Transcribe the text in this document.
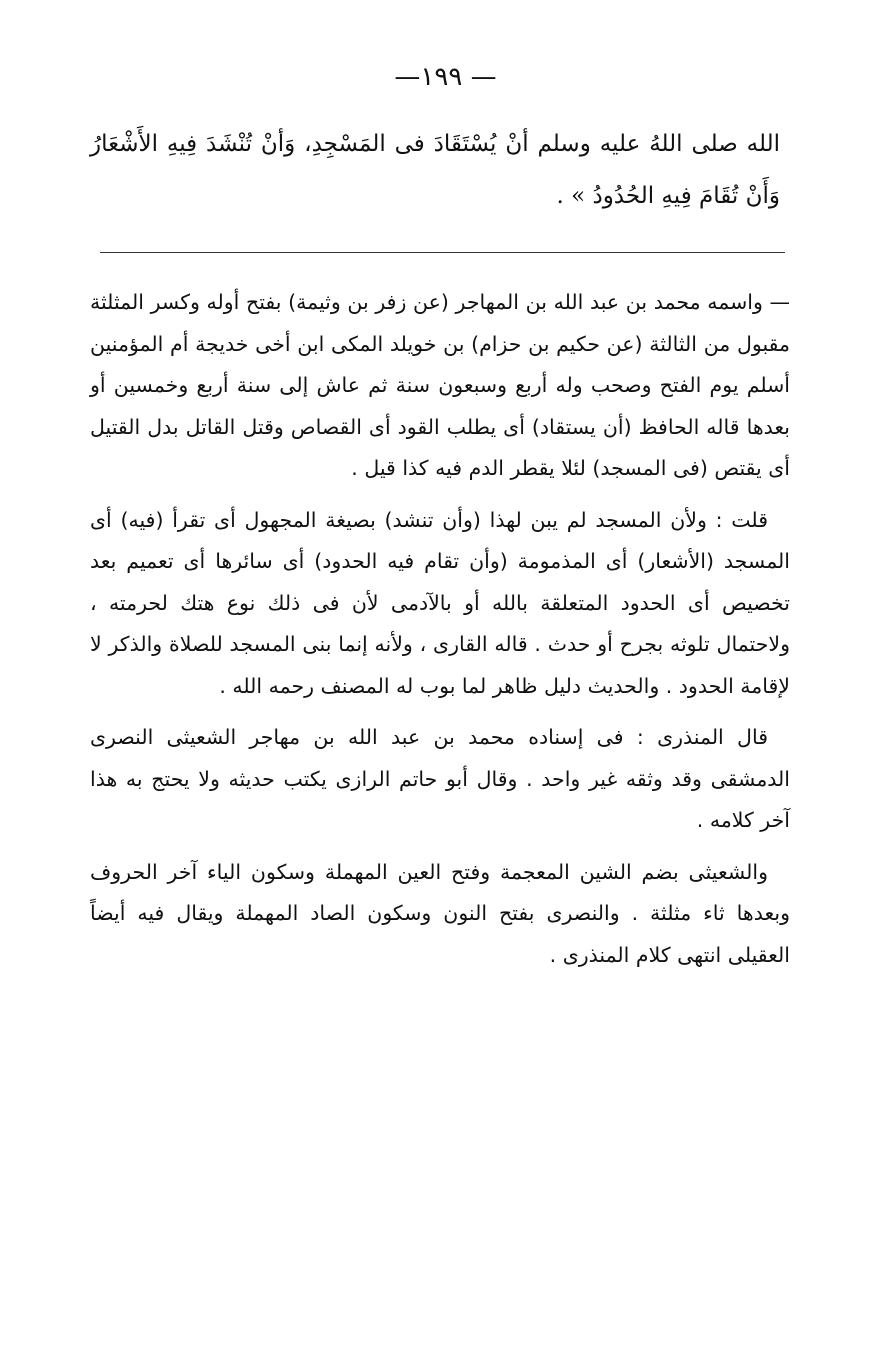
—١٩٩ —
الله صلى اللهُ عليه وسلم أنْ يُسْتَقَادَ فى المَسْجِدِ، وَأنْ تُنْشَدَ فِيهِ الأَشْعَارُ وَأَنْ تُقَامَ فِيهِ الحُدُودُ » .

— واسمه محمد بن عبد الله بن المهاجر (عن زفر بن وثيمة) بفتح أوله وكسر المثلثة مقبول من الثالثة (عن حكيم بن حزام) بن خويلد المكى ابن أخى خديجة أم المؤمنين أسلم يوم الفتح وصحب وله أربع وسبعون سنة ثم عاش إلى سنة أربع وخمسين أو بعدها قاله الحافظ (أن يستقاد) أى يطلب القود أى القصاص وقتل القاتل بدل القتيل أى يقتص (فى المسجد) لئلا يقطر الدم فيه كذا قيل .

قلت : ولأن المسجد لم يبن لهذا (وأن تنشد) بصيغة المجهول أى تقرأ (فيه) أى المسجد (الأشعار) أى المذمومة (وأن تقام فيه الحدود) أى سائرها أى تعميم بعد تخصيص أى الحدود المتعلقة بالله أو بالآدمى لأن فى ذلك نوع هتك لحرمته ، ولاحتمال تلوثه بجرح أو حدث . قاله القارى ، ولأنه إنما بنى المسجد للصلاة والذكر لا لإقامة الحدود . والحديث دليل ظاهر لما بوب له المصنف رحمه الله .

قال المنذرى : فى إسناده محمد بن عبد الله بن مهاجر الشعيثى النصرى الدمشقى وقد وثقه غير واحد . وقال أبو حاتم الرازى يكتب حديثه ولا يحتج به هذا آخر كلامه .

والشعيثى بضم الشين المعجمة وفتح العين المهملة وسكون الياء آخر الحروف وبعدها ثاء مثلثة . والنصرى بفتح النون وسكون الصاد المهملة ويقال فيه أيضاً العقيلى انتهى كلام المنذرى .
